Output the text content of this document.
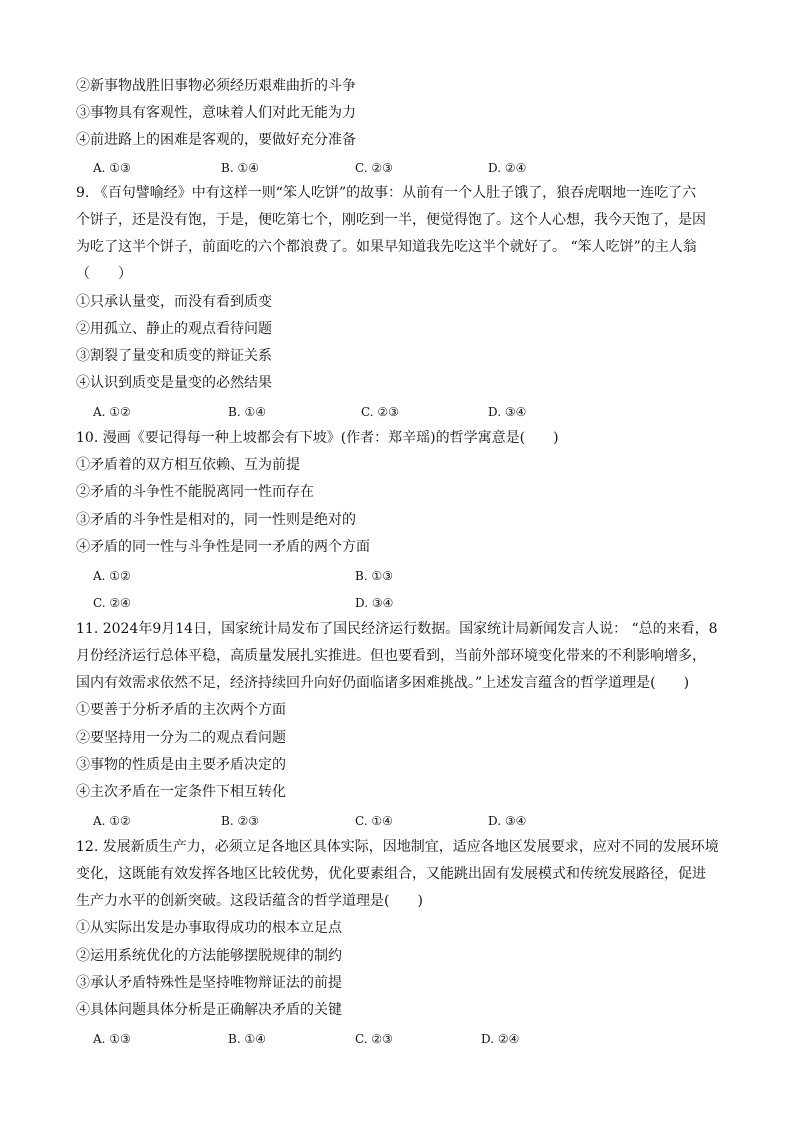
②新事物战胜旧事物必须经历艰难曲折的斗争
③事物具有客观性，意味着人们对此无能为力
④前进路上的困难是客观的，要做好充分准备
A. ①③	B. ①④	C. ②③	D. ②④
9. 《百句譬喻经》中有这样一则“笨人吃饼”的故事：从前有一个人肚子饿了，狼吞虎咽地一连吃了六
个饼子，还是没有饱，于是，便吃第七个，刚吃到一半，便觉得饱了。这个人心想，我今天饱了，是因
为吃了这半个饼子，前面吃的六个都浪费了。如果早知道我先吃这半个就好了。 “笨人吃饼”的主人翁
（　　）
①只承认量变，而没有看到质变
②用孤立、静止的观点看待问题
③割裂了量变和质变的辩证关系
④认识到质变是量变的必然结果
A. ①②	B. ①④	C. ②③	D. ③④
10. 漫画《要记得每一种上坡都会有下坡》(作者：郑辛瑶)的哲学寓意是(　　)
①矛盾着的双方相互依赖、互为前提
②矛盾的斗争性不能脱离同一性而存在
③矛盾的斗争性是相对的，同一性则是绝对的
④矛盾的同一性与斗争性是同一矛盾的两个方面
A. ①②	B. ①③
C. ②④	D. ③④
11. 2024年9月14日，国家统计局发布了国民经济运行数据。国家统计局新闻发言人说： “总的来看，8
月份经济运行总体平稳，高质量发展扎实推进。但也要看到，当前外部环境变化带来的不利影响增多，
国内有效需求依然不足，经济持续回升向好仍面临诸多困难挑战。”上述发言蕴含的哲学道理是(　　)
①要善于分析矛盾的主次两个方面
②要坚持用一分为二的观点看问题
③事物的性质是由主要矛盾决定的
④主次矛盾在一定条件下相互转化
A. ①②	B. ②③	C. ①④	D. ③④
12. 发展新质生产力，必须立足各地区具体实际，因地制宜，适应各地区发展要求，应对不同的发展环境
变化，这既能有效发挥各地区比较优势，优化要素组合，又能跳出固有发展模式和传统发展路径，促进
生产力水平的创新突破。这段话蕴含的哲学道理是(　　)
①从实际出发是办事取得成功的根本立足点
②运用系统优化的方法能够摆脱规律的制约
③承认矛盾特殊性是坚持唯物辩证法的前提
④具体问题具体分析是正确解决矛盾的关键
A. ①③	B. ①④	C. ②③	D. ②④
